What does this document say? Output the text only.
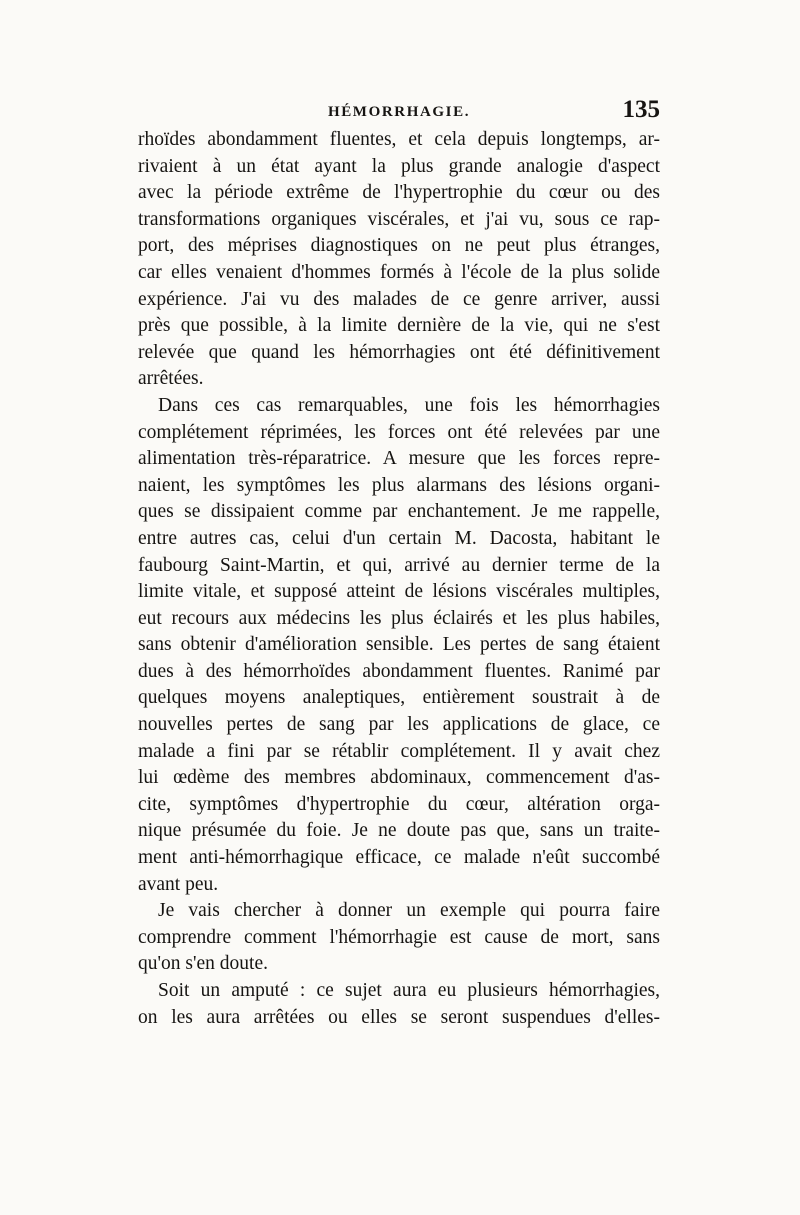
HÉMORRHAGIE.	135
rhoïdes abondamment fluentes, et cela depuis longtemps, ar-
rivaient à un état ayant la plus grande analogie d'aspect
avec la période extrême de l'hypertrophie du cœur ou des
transformations organiques viscérales, et j'ai vu, sous ce rap-
port, des méprises diagnostiques on ne peut plus étranges,
car elles venaient d'hommes formés à l'école de la plus solide
expérience. J'ai vu des malades de ce genre arriver, aussi
près que possible, à la limite dernière de la vie, qui ne s'est
relevée que quand les hémorrhagies ont été définitivement
arrêtées.
Dans ces cas remarquables, une fois les hémorrhagies
complétement réprimées, les forces ont été relevées par une
alimentation très-réparatrice. A mesure que les forces repre-
naient, les symptômes les plus alarmans des lésions organi-
ques se dissipaient comme par enchantement. Je me rappelle,
entre autres cas, celui d'un certain M. Dacosta, habitant le
faubourg Saint-Martin, et qui, arrivé au dernier terme de la
limite vitale, et supposé atteint de lésions viscérales multiples,
eut recours aux médecins les plus éclairés et les plus habiles,
sans obtenir d'amélioration sensible. Les pertes de sang étaient
dues à des hémorrhoïdes abondamment fluentes. Ranimé par
quelques moyens analeptiques, entièrement soustrait à de
nouvelles pertes de sang par les applications de glace, ce
malade a fini par se rétablir complétement. Il y avait chez
lui œdème des membres abdominaux, commencement d'as-
cite, symptômes d'hypertrophie du cœur, altération orga-
nique présumée du foie. Je ne doute pas que, sans un traite-
ment anti-hémorrhagique efficace, ce malade n'eût succombé
avant peu.
Je vais chercher à donner un exemple qui pourra faire
comprendre comment l'hémorrhagie est cause de mort, sans
qu'on s'en doute.
Soit un amputé : ce sujet aura eu plusieurs hémorrhagies,
on les aura arrêtées ou elles se seront suspendues d'elles-
